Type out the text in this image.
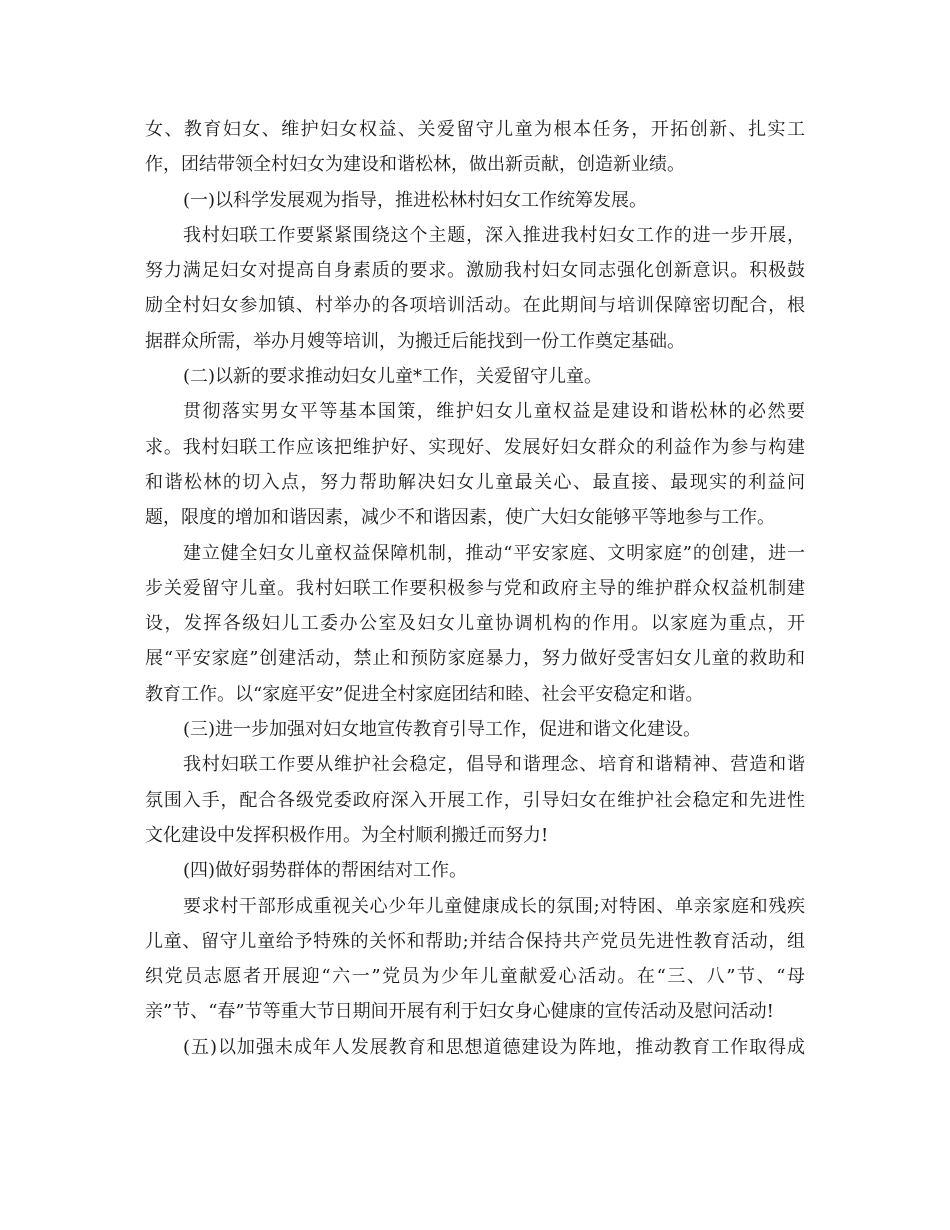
女、教育妇女、维护妇女权益、关爱留守儿童为根本任务，开拓创新、扎实工
作，团结带领全村妇女为建设和谐松林，做出新贡献，创造新业绩。
(一)以科学发展观为指导，推进松林村妇女工作统筹发展。
我村妇联工作要紧紧围绕这个主题，深入推进我村妇女工作的进一步开展，
努力满足妇女对提高自身素质的要求。激励我村妇女同志强化创新意识。积极鼓
励全村妇女参加镇、村举办的各项培训活动。在此期间与培训保障密切配合，根
据群众所需，举办月嫂等培训，为搬迁后能找到一份工作奠定基础。
(二)以新的要求推动妇女儿童*工作，关爱留守儿童。
贯彻落实男女平等基本国策，维护妇女儿童权益是建设和谐松林的必然要
求。我村妇联工作应该把维护好、实现好、发展好妇女群众的利益作为参与构建
和谐松林的切入点，努力帮助解决妇女儿童最关心、最直接、最现实的利益问
题，限度的增加和谐因素，减少不和谐因素，使广大妇女能够平等地参与工作。
建立健全妇女儿童权益保障机制，推动“平安家庭、文明家庭”的创建，进一
步关爱留守儿童。我村妇联工作要积极参与党和政府主导的维护群众权益机制建
设，发挥各级妇儿工委办公室及妇女儿童协调机构的作用。以家庭为重点，开
展“平安家庭”创建活动，禁止和预防家庭暴力，努力做好受害妇女儿童的救助和
教育工作。以“家庭平安”促进全村家庭团结和睦、社会平安稳定和谐。
(三)进一步加强对妇女地宣传教育引导工作，促进和谐文化建设。
我村妇联工作要从维护社会稳定，倡导和谐理念、培育和谐精神、营造和谐
氛围入手，配合各级党委政府深入开展工作，引导妇女在维护社会稳定和先进性
文化建设中发挥积极作用。为全村顺利搬迁而努力!
(四)做好弱势群体的帮困结对工作。
要求村干部形成重视关心少年儿童健康成长的氛围;对特困、单亲家庭和残疾
儿童、留守儿童给予特殊的关怀和帮助;并结合保持共产党员先进性教育活动，组
织党员志愿者开展迎“六一”党员为少年儿童献爱心活动。在“三、八”节、“母
亲”节、“春”节等重大节日期间开展有利于妇女身心健康的宣传活动及慰问活动!
(五)以加强未成年人发展教育和思想道德建设为阵地，推动教育工作取得成
